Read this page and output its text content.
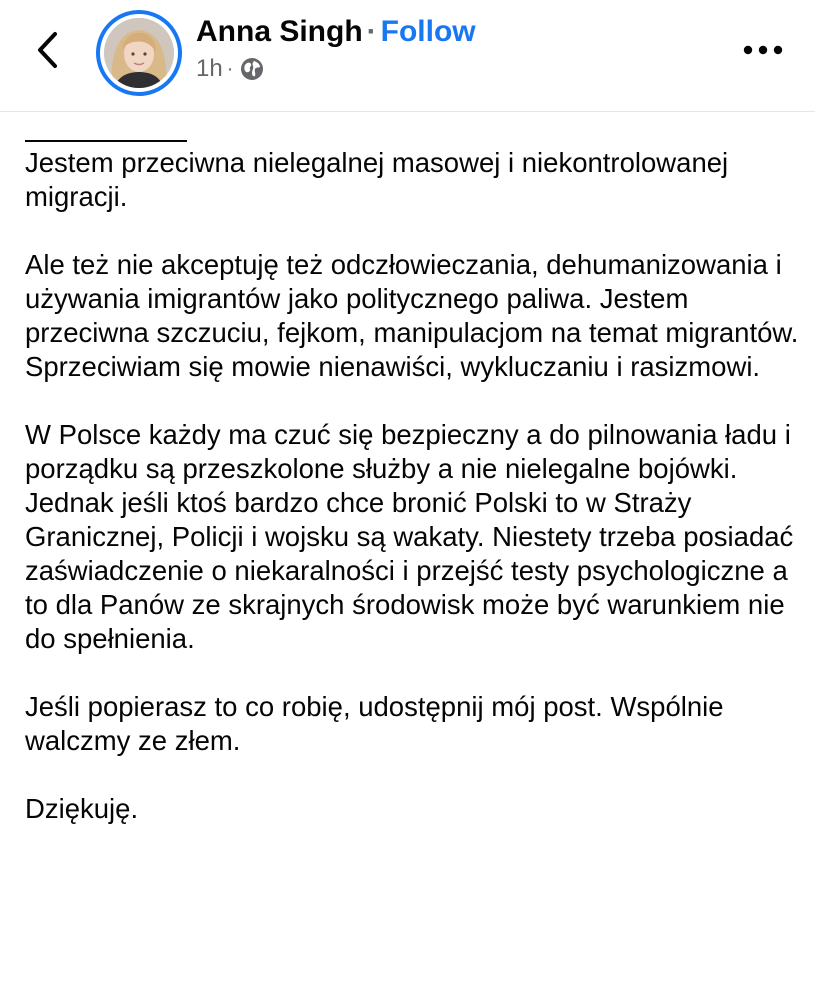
Anna Singh · Follow
1h ·

Jestem przeciwna nielegalnej masowej i niekontrolowanej migracji.

Ale też nie akceptuję też odczłowieczania, dehumanizowania i używania imigrantów jako politycznego paliwa. Jestem przeciwna szczuciu, fejkom, manipulacjom na temat migrantów. Sprzeciwiam się mowie nienawiści, wykluczaniu i rasizmowi.

W Polsce każdy ma czuć się bezpieczny a do pilnowania ładu i porządku są przeszkolone służby a nie nielegalne bojówki. Jednak jeśli ktoś bardzo chce bronić Polski to w Straży Granicznej, Policji i wojsku są wakaty. Niestety trzeba posiadać zaświadczenie o niekaralności i przejść testy psychologiczne a to dla Panów ze skrajnych środowisk może być warunkiem nie do spełnienia.

Jeśli popierasz to co robię, udostępnij mój post. Wspólnie walczmy ze złem.

Dziękuję.
